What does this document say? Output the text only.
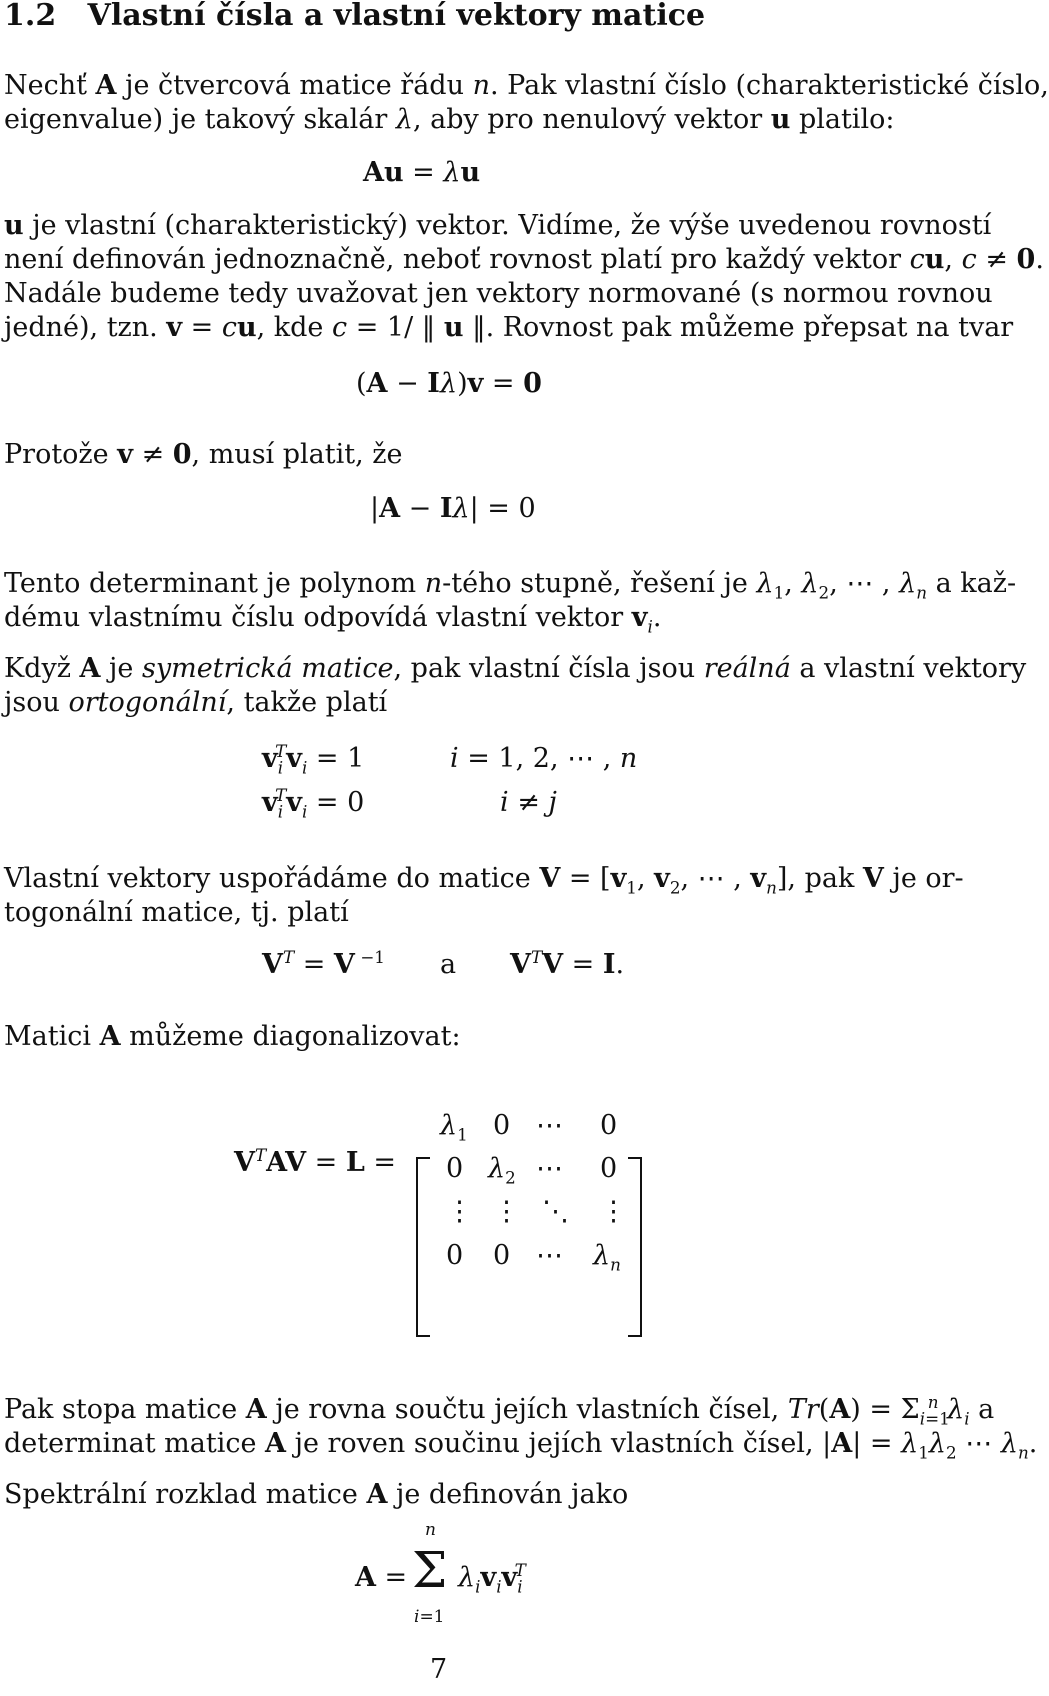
1.2 Vlastní čísla a vlastní vektory matice
Nechť A je čtvercová matice řádu n. Pak vlastní číslo (charakteristické číslo,
eigenvalue) je takový skalár λ, aby pro nenulový vektor u platilo:
Au = λu
u je vlastní (charakteristický) vektor. Vidíme, že výše uvedenou rovností
není definován jednoznačně, neboť rovnost platí pro každý vektor cu, c ≠ 0.
Nadále budeme tedy uvažovat jen vektory normované (s normou rovnou
jedné), tzn. v = cu, kde c = 1/ ‖ u ‖. Rovnost pak můžeme přepsat na tvar
(A − Iλ)v = 0
Protože v ≠ 0, musí platit, že
|A − Iλ| = 0
Tento determinant je polynom n-tého stupně, řešení je $\lambda_1$, $\lambda_2$, ⋯ , $\lambda_n$ a kaž-
dému vlastnímu číslu odpovídá vlastní vektor $v_i$.
Když A je symetrická matice, pak vlastní čísla jsou reálná a vlastní vektory
jsou ortogonální, takže platí
$v_i^Tv_i = 1$	i = 1, 2, ⋯ , n
$v_i^Tv_i = 0$	i ≠ j
Vlastní vektory uspořádáme do matice $V = [v_1$, $v_2$, ⋯ , $v_n$], pak V je or-
togonální matice, tj. platí
$V^T = V$ $^{-1}$ a $V^TV = I$.
Matici A můžeme diagonalizovat:
$V^TAV = L$ =
$\lambda_1$ 0 ⋯ 0
0 $\lambda_2$ ⋯ 0
⋮ ⋮ ⋱ ⋮
0 0 ⋯ $\lambda_n$
Pak stopa matice A je rovna součtu jejích vlastních čísel, $Tr(A) = \Sigma_{i=1}^n$ $\lambda_i$ a
determinat matice A je roven součinu jejích vlastních čísel, $|A| = \lambda_1\lambda_2$ ⋯ $\lambda_n$.
Spektrální rozklad matice A je definován jako
A = Σ
n
i=1
$\lambda_iv_iv_i^T$
7
